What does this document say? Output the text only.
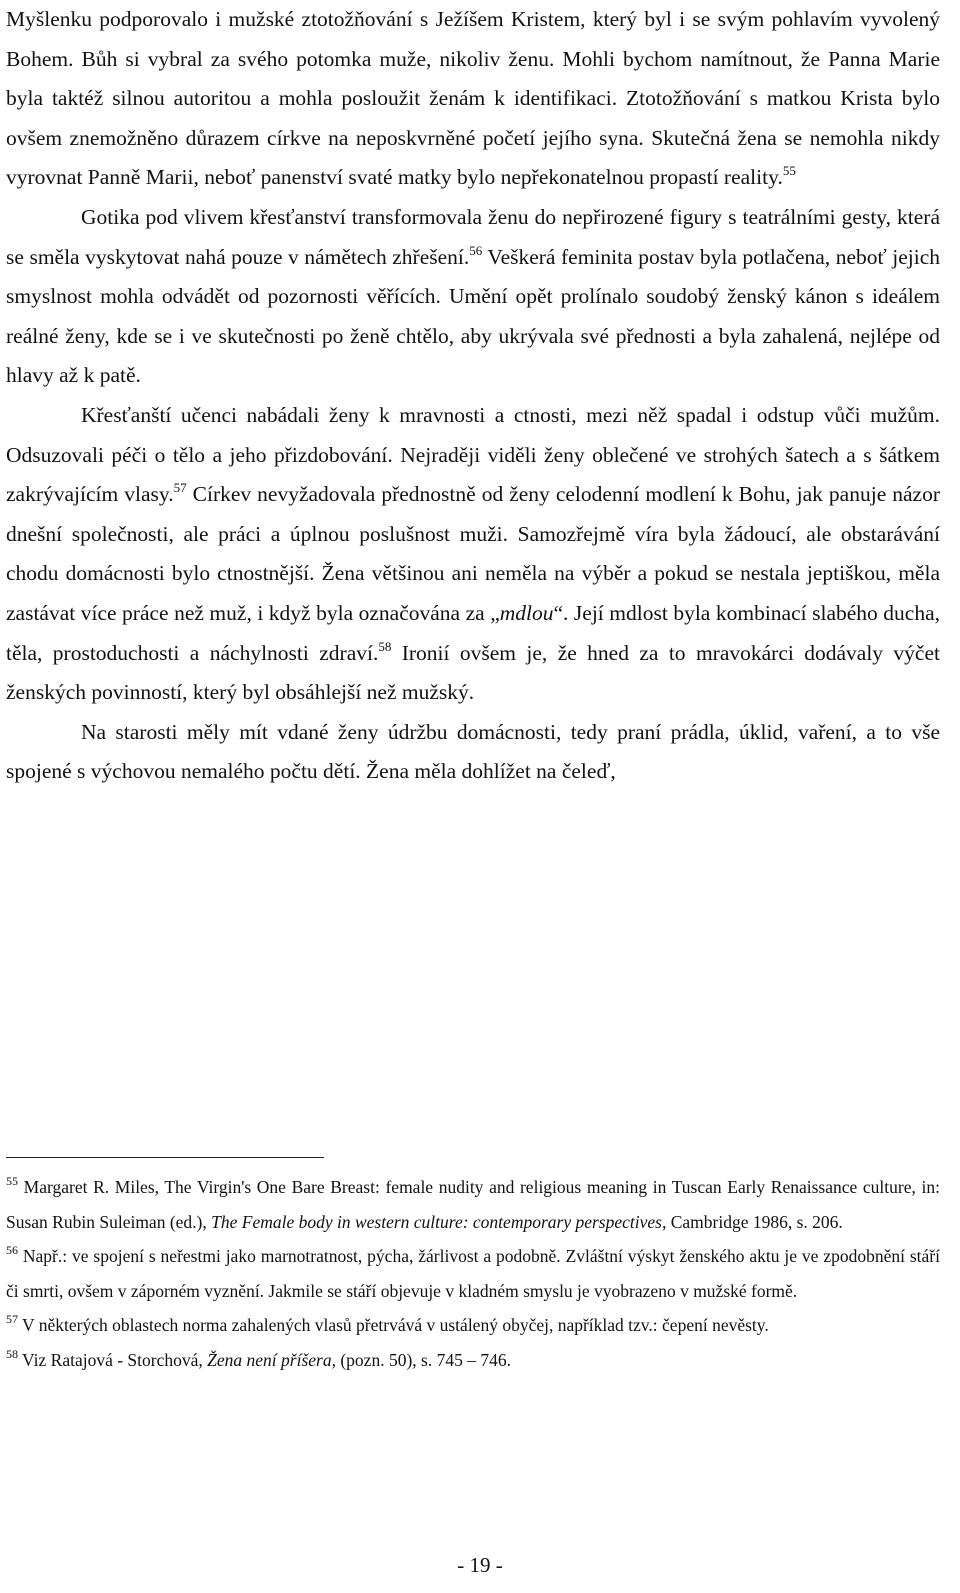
Myšlenku podporovalo i mužské ztotožňování s Ježíšem Kristem, který byl i se svým pohlavím vyvolený Bohem. Bůh si vybral za svého potomka muže, nikoliv ženu. Mohli bychom namítnout, že Panna Marie byla taktéž silnou autoritou a mohla posloužit ženám k identifikaci. Ztotožňování s matkou Krista bylo ovšem znemožněno důrazem církve na neposkvrněné početí jejího syna. Skutečná žena se nemohla nikdy vyrovnat Panně Marii, neboť panenství svaté matky bylo nepřekonatelnou propastí reality.$^{55}$

Gotika pod vlivem křesťanství transformovala ženu do nepřirozené figury s teatrálními gesty, která se směla vyskytovat nahá pouze v námětech zhřešení.$^{56}$ Veškerá feminita postav byla potlačena, neboť jejich smyslnost mohla odvádět od pozornosti věřících. Umění opět prolínalo soudobý ženský kánon s ideálem reálné ženy, kde se i ve skutečnosti po ženě chtělo, aby ukrývala své přednosti a byla zahalená, nejlépe od hlavy až k patě.

Křesťanští učenci nabádali ženy k mravnosti a ctnosti, mezi něž spadal i odstup vůči mužům. Odsuzovali péči o tělo a jeho přizdobování. Nejraději viděli ženy oblečené ve strohých šatech a s šátkem zakrývajícím vlasy.$^{57}$ Církev nevyžadovala přednostně od ženy celodenní modlení k Bohu, jak panuje názor dnešní společnosti, ale práci a úplnou poslušnost muži. Samozřejmě víra byla žádoucí, ale obstarávání chodu domácnosti bylo ctnostnější. Žena většinou ani neměla na výběr a pokud se nestala jeptiškou, měla zastávat více práce než muž, i když byla označována za „mdlou“. Její mdlost byla kombinací slabého ducha, těla, prostoduchosti a náchylnosti zdraví.$^{58}$ Ironií ovšem je, že hned za to mravokárci dodávaly výčet ženských povinností, který byl obsáhlejší než mužský.

Na starosti měly mít vdané ženy údržbu domácnosti, tedy praní prádla, úklid, vaření, a to vše spojené s výchovou nemalého počtu dětí. Žena měla dohlížet na čeleď,

$^{55}$ Margaret R. Miles, The Virgin's One Bare Breast: female nudity and religious meaning in Tuscan Early Renaissance culture, in: Susan Rubin Suleiman (ed.), The Female body in western culture: contemporary perspectives, Cambridge 1986, s. 206.

$^{56}$ Např.: ve spojení s neřestmi jako marnotratnost, pýcha, žárlivost a podobně. Zvláštní výskyt ženského aktu je ve zpodobnění stáří či smrti, ovšem v záporném vyznění. Jakmile se stáří objevuje v kladném smyslu je vyobrazeno v mužské formě.

$^{57}$ V některých oblastech norma zahalených vlasů přetrvává v ustálený obyčej, například tzv.: čepení nevěsty.

$^{58}$ Viz Ratajová - Storchová, Žena není příšera, (pozn. 50), s. 745 – 746.

- 19 -
